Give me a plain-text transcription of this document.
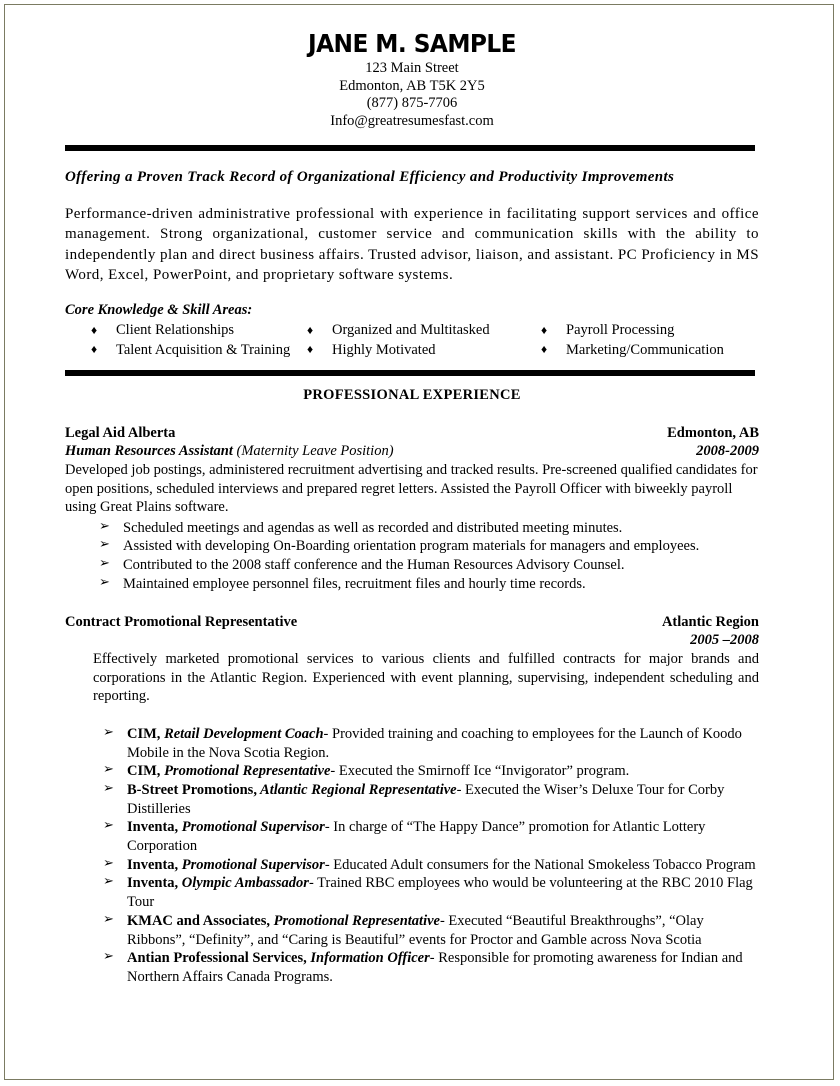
JANE M. SAMPLE
123 Main Street
Edmonton, AB T5K 2Y5
(877) 875-7706
Info@greatresumesfast.com
Offering a Proven Track Record of Organizational Efficiency and Productivity Improvements
Performance-driven administrative professional with experience in facilitating support services and office management. Strong organizational, customer service and communication skills with the ability to independently plan and direct business affairs. Trusted advisor, liaison, and assistant. PC Proficiency in MS Word, Excel, PowerPoint, and proprietary software systems.
Core Knowledge & Skill Areas:
♦ Client Relationships
♦ Talent Acquisition & Training
♦ Organized and Multitasked
♦ Highly Motivated
♦ Payroll Processing
♦ Marketing/Communication
PROFESSIONAL EXPERIENCE
Legal Aid Alberta	Edmonton, AB
Human Resources Assistant (Maternity Leave Position)	2008-2009
Developed job postings, administered recruitment advertising and tracked results. Pre-screened qualified candidates for open positions, scheduled interviews and prepared regret letters. Assisted the Payroll Officer with biweekly payroll using Great Plains software.
➢ Scheduled meetings and agendas as well as recorded and distributed meeting minutes.
➢ Assisted with developing On-Boarding orientation program materials for managers and employees.
➢ Contributed to the 2008 staff conference and the Human Resources Advisory Counsel.
➢ Maintained employee personnel files, recruitment files and hourly time records.
Contract Promotional Representative	Atlantic Region
2005 –2008
Effectively marketed promotional services to various clients and fulfilled contracts for major brands and corporations in the Atlantic Region. Experienced with event planning, supervising, independent scheduling and reporting.
➢ CIM, Retail Development Coach- Provided training and coaching to employees for the Launch of Koodo Mobile in the Nova Scotia Region.
➢ CIM, Promotional Representative- Executed the Smirnoff Ice “Invigorator” program.
➢ B-Street Promotions, Atlantic Regional Representative- Executed the Wiser’s Deluxe Tour for Corby Distilleries
➢ Inventa, Promotional Supervisor- In charge of “The Happy Dance” promotion for Atlantic Lottery Corporation
➢ Inventa, Promotional Supervisor- Educated Adult consumers for the National Smokeless Tobacco Program
➢ Inventa, Olympic Ambassador- Trained RBC employees who would be volunteering at the RBC 2010 Flag Tour
➢ KMAC and Associates, Promotional Representative- Executed “Beautiful Breakthroughs”, “Olay Ribbons”, “Definity”, and “Caring is Beautiful” events for Proctor and Gamble across Nova Scotia
➢ Antian Professional Services, Information Officer- Responsible for promoting awareness for Indian and Northern Affairs Canada Programs.
